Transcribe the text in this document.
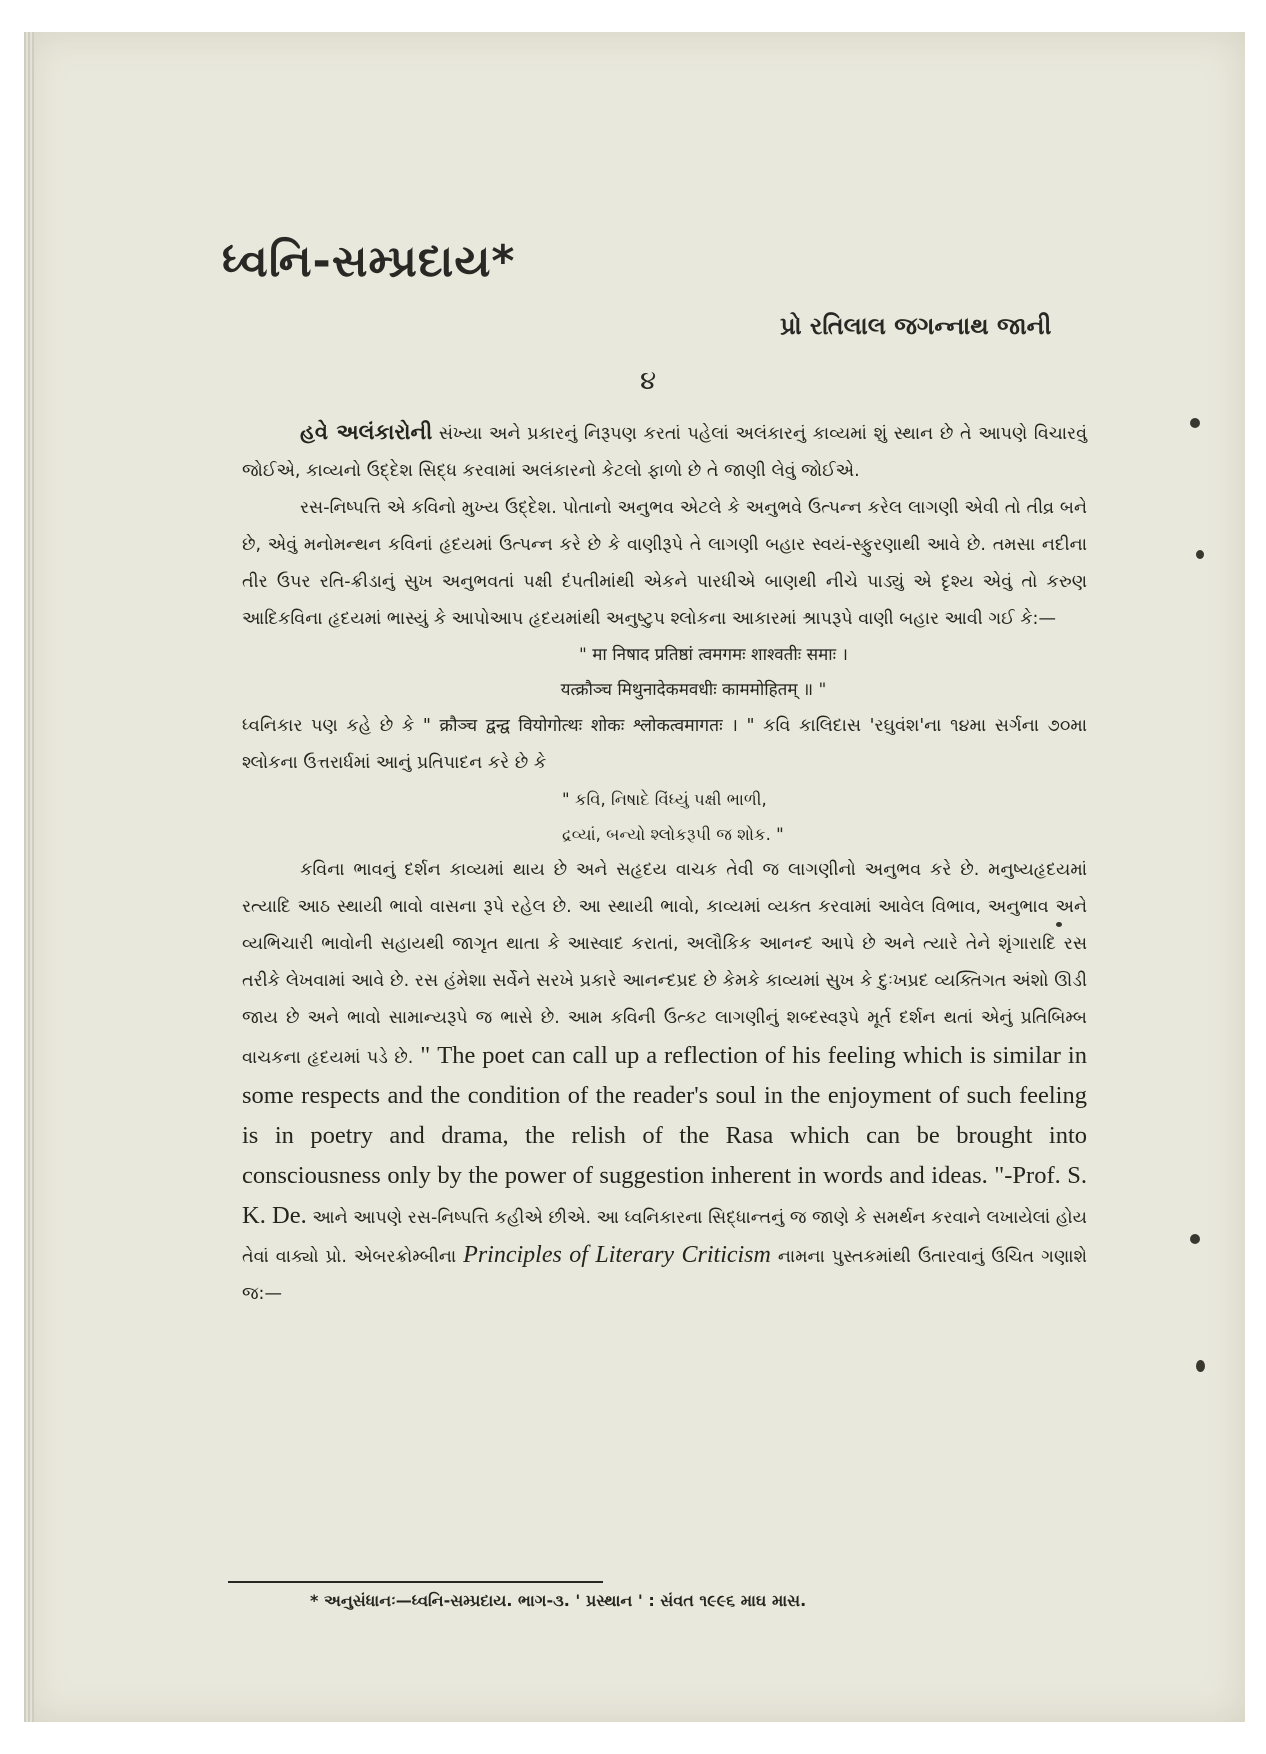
ધ્વનિ-સમ્પ્રદાય*
પ્રો રતિલાલ જગન્નાથ જાની
૪

હવે અલંકારોની સંખ્યા અને પ્રકારનું નિરૂપણ કરતાં પહેલાં અલંકારનું કાવ્યમાં શું સ્થાન છે તે આપણે વિચારવું જોઈએ, કાવ્યનો ઉદ્દેશ સિદ્ધ કરવામાં અલંકારનો કેટલો ફાળો છે તે જાણી લેવું જોઈએ.

રસ-નિષ્પત્તિ એ કવિનો મુખ્ય ઉદ્દેશ. પોતાનો અનુભવ એટલે કે અનુભવે ઉત્પન્ન કરેલ લાગણી એવી તો તીવ્ર બને છે, એવું મનોમન્થન કવિનાં હૃદયમાં ઉત્પન્ન કરે છે કે વાણીરૂપે તે લાગણી બહાર સ્વયં-સ્ફુરણાથી આવે છે. તમસા નદીના તીર ઉપર રતિ-ક્રીડાનું સુખ અનુભવતાં પક્ષી દંપતીમાંથી એકને પારધીએ બાણથી નીચે પાડ્યું એ દૃશ્ય એવું તો કરુણ આદિકવિના હૃદયમાં ભાસ્યું કે આપોઆપ હૃદયમાંથી અનુષ્ટુપ શ્લોકના આકારમાં શ્રાપરૂપે વાણી બહાર આવી ગઈ કે:—

" मा निषाद प्रतिष्ठां त्वमगमः शाश्वतीः समाः ।

यत्क्रौञ्च मिथुनादेकमवधीः काममोहितम् ॥ "

ધ્વનિકાર પણ કહે છે કે " क्रौञ्च द्वन्द्व वियोगोत्थः शोकः श्लोकत्वमागतः । " કવિ કાલિદાસ 'રઘુવંશ'ના ૧૪મા સર્ગના ૭૦મા શ્લોકના ઉત્તરાર્ધમાં આનું પ્રતિપાદન કરે છે કે

" કવિ, નિષાદે વિંધ્યું પક્ષી ભાળી,

દ્રવ્યાં, બન્યો શ્લોકરૂપી જ શોક. "

કવિના ભાવનું દર્શન કાવ્યમાં થાય છે અને સહૃદય વાચક તેવી જ લાગણીનો અનુભવ કરે છે. મનુષ્યહૃદયમાં રત્યાદિ આઠ સ્થાયી ભાવો વાસના રૂપે રહેલ છે. આ સ્થાયી ભાવો, કાવ્યમાં વ્યક્ત કરવામાં આવેલ વિભાવ, અનુભાવ અને વ્યભિચારી ભાવોની સહાયથી જાગૃત થાતા કે આસ્વાદ કરાતાં, અલૌકિક આનન્દ આપે છે અને ત્યારે તેને શૃંગારાદિ રસ તરીકે લેખવામાં આવે છે. રસ હંમેશા સર્વેને સરખે પ્રકારે આનન્દપ્રદ છે કેમકે કાવ્યમાં સુખ કે દુઃખપ્રદ વ્યક્તિગત અંશો ઊડી જાય છે અને ભાવો સામાન્યરૂપે જ ભાસે છે. આમ કવિની ઉત્કટ લાગણીનું શબ્દસ્વરૂપે મૂર્ત દર્શન થતાં એનું પ્રતિબિમ્બ વાચકના હૃદયમાં પડે છે. " The poet can call up a reflection of his feeling which is similar in some respects and the condition of the reader's soul in the enjoyment of such feeling is in poetry and drama, the relish of the Rasa which can be brought into consciousness only by the power of suggestion inherent in words and ideas. "-Prof. S. K. De. આને આપણે રસ-નિષ્પત્તિ કહીએ છીએ. આ ધ્વનિકારના સિદ્ધાન્તનું જ જાણે કે સમર્થન કરવાને લખાયેલાં હોય તેવાં વાક્યો પ્રો. એબરક્રોમ્બીના Principles of Literary Criticism નામના પુસ્તકમાંથી ઉતારવાનું ઉચિત ગણાશે જ:—

* અનુસંધાનઃ—ધ્વનિ-સમ્પ્રદાય. ભાગ-૩. ' પ્રસ્થાન ' : સંવત ૧૯૯૬ માઘ માસ.
